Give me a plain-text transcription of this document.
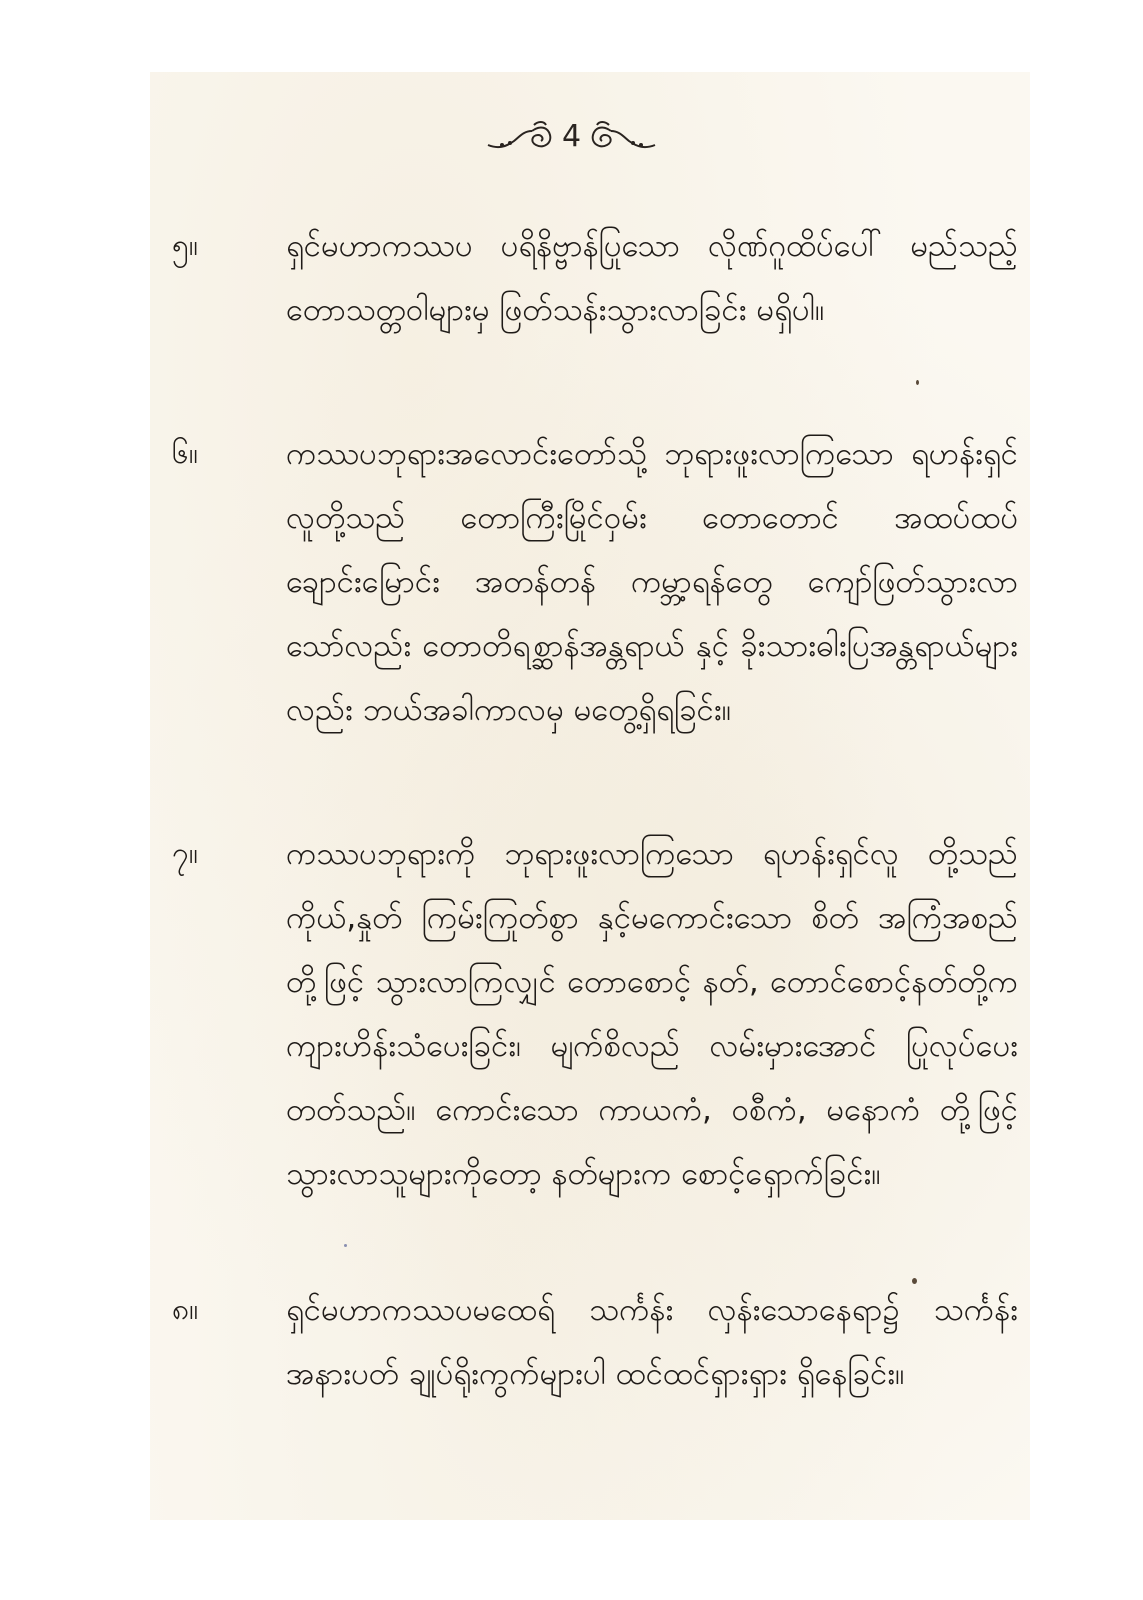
4
၅။	ရှင်မဟာကဿပ ပရိနိဗ္ဗာန်ပြုသော လိုဏ်ဂူထိပ်ပေါ် မည်သည့်တောသတ္တဝါများမှ ဖြတ်သန်းသွားလာခြင်း မရှိပါ။
၆။	ကဿပဘုရားအလောင်းတော်သို့ ဘုရားဖူးလာကြသော ရဟန်းရှင်လူတို့သည် တောကြီးမြိုင်ဝှမ်း တောတောင် အထပ်ထပ် ချောင်းမြောင်း အတန်တန် ကမ္ဘာ့ရန်တွေ ကျော်ဖြတ်သွားလာသော်လည်း တောတိရစ္ဆာန်အန္တရာယ် နှင့် ခိုးသားဓါးပြအန္တရာယ်များလည်း ဘယ်အခါကာလမှ မတွေ့ရှိရခြင်း။
၇။	ကဿပဘုရားကို ဘုရားဖူးလာကြသော ရဟန်းရှင်လူ တို့သည် ကိုယ်,နှုတ် ကြမ်းကြုတ်စွာ နှင့်မကောင်းသော စိတ် အကြံအစည်တို့ဖြင့် သွားလာကြလျှင် တောစောင့် နတ်, တောင်စောင့်နတ်တို့က ကျားဟိန်းသံပေးခြင်း၊ မျက်စိလည် လမ်းမှားအောင် ပြုလုပ်ပေးတတ်သည်။ ကောင်းသော ကာယကံ, ဝစီကံ, မနောကံ တို့ဖြင့် သွားလာသူများကိုတော့ နတ်များက စောင့်ရှောက်ခြင်း။
၈။	ရှင်မဟာကဿပမထေရ် သင်္ကန်း လှန်းသောနေရာ၌ သင်္ကန်းအနားပတ် ချုပ်ရိုးကွက်များပါ ထင်ထင်ရှားရှား ရှိနေခြင်း။
